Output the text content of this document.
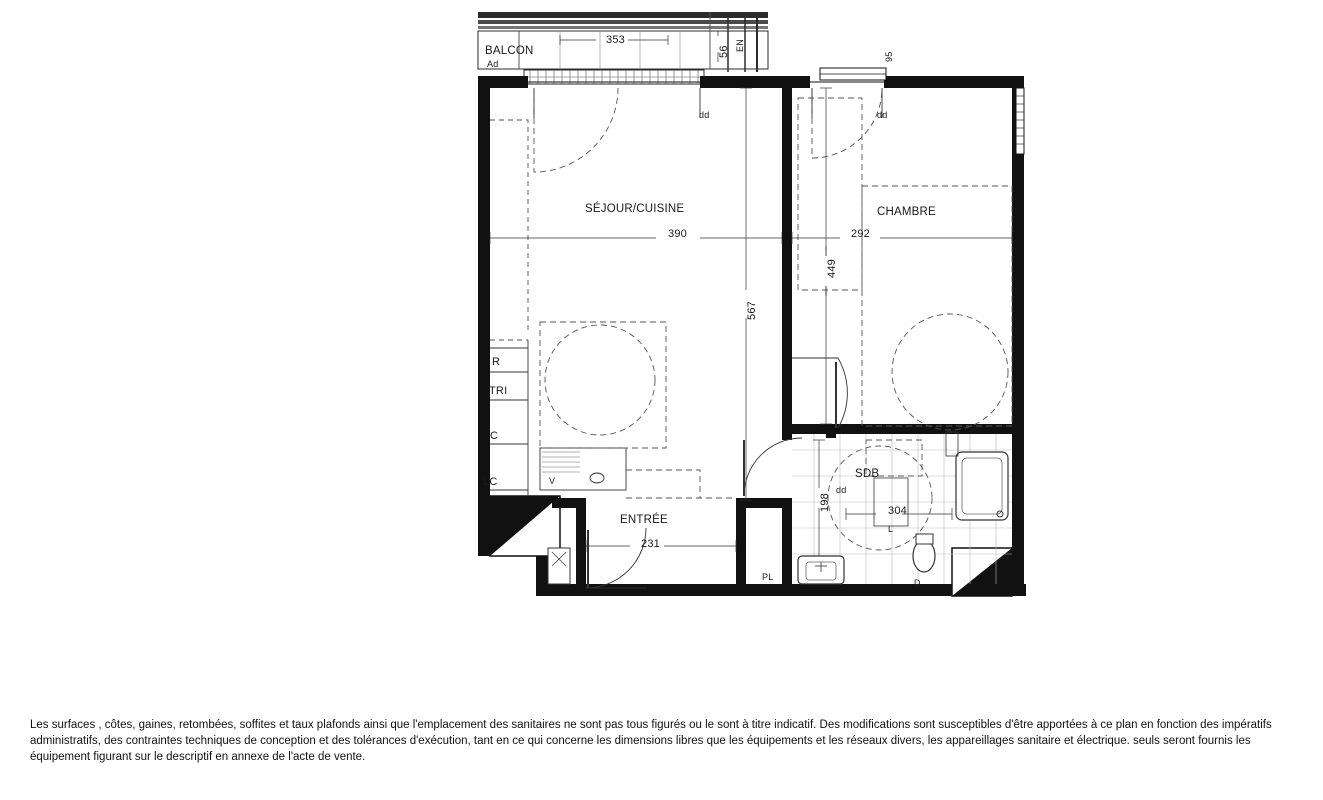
BALCON
SÉJOUR/CUISINE	CHAMBRE
SDB
ENTRÉE
353
56	95
390	292
449
567
198	304
231
Ad
EN
R
TRI
C
LC
PL
L
D
V
dd	dd
dd
Les surfaces , côtes, gaines, retombées, soffites et taux plafonds ainsi que l'emplacement des sanitaires ne sont pas tous figurés ou le sont à titre indicatif. Des modifications sont susceptibles d'être apportées à ce plan en fonction des impératifs administratifs, des contraintes techniques de conception et des tolérances d'exécution, tant en ce qui concerne les dimensions libres que les équipements et les réseaux divers, les appareillages sanitaire et électrique. seuls seront fournis les équipement figurant sur le descriptif en annexe de l'acte de vente.
